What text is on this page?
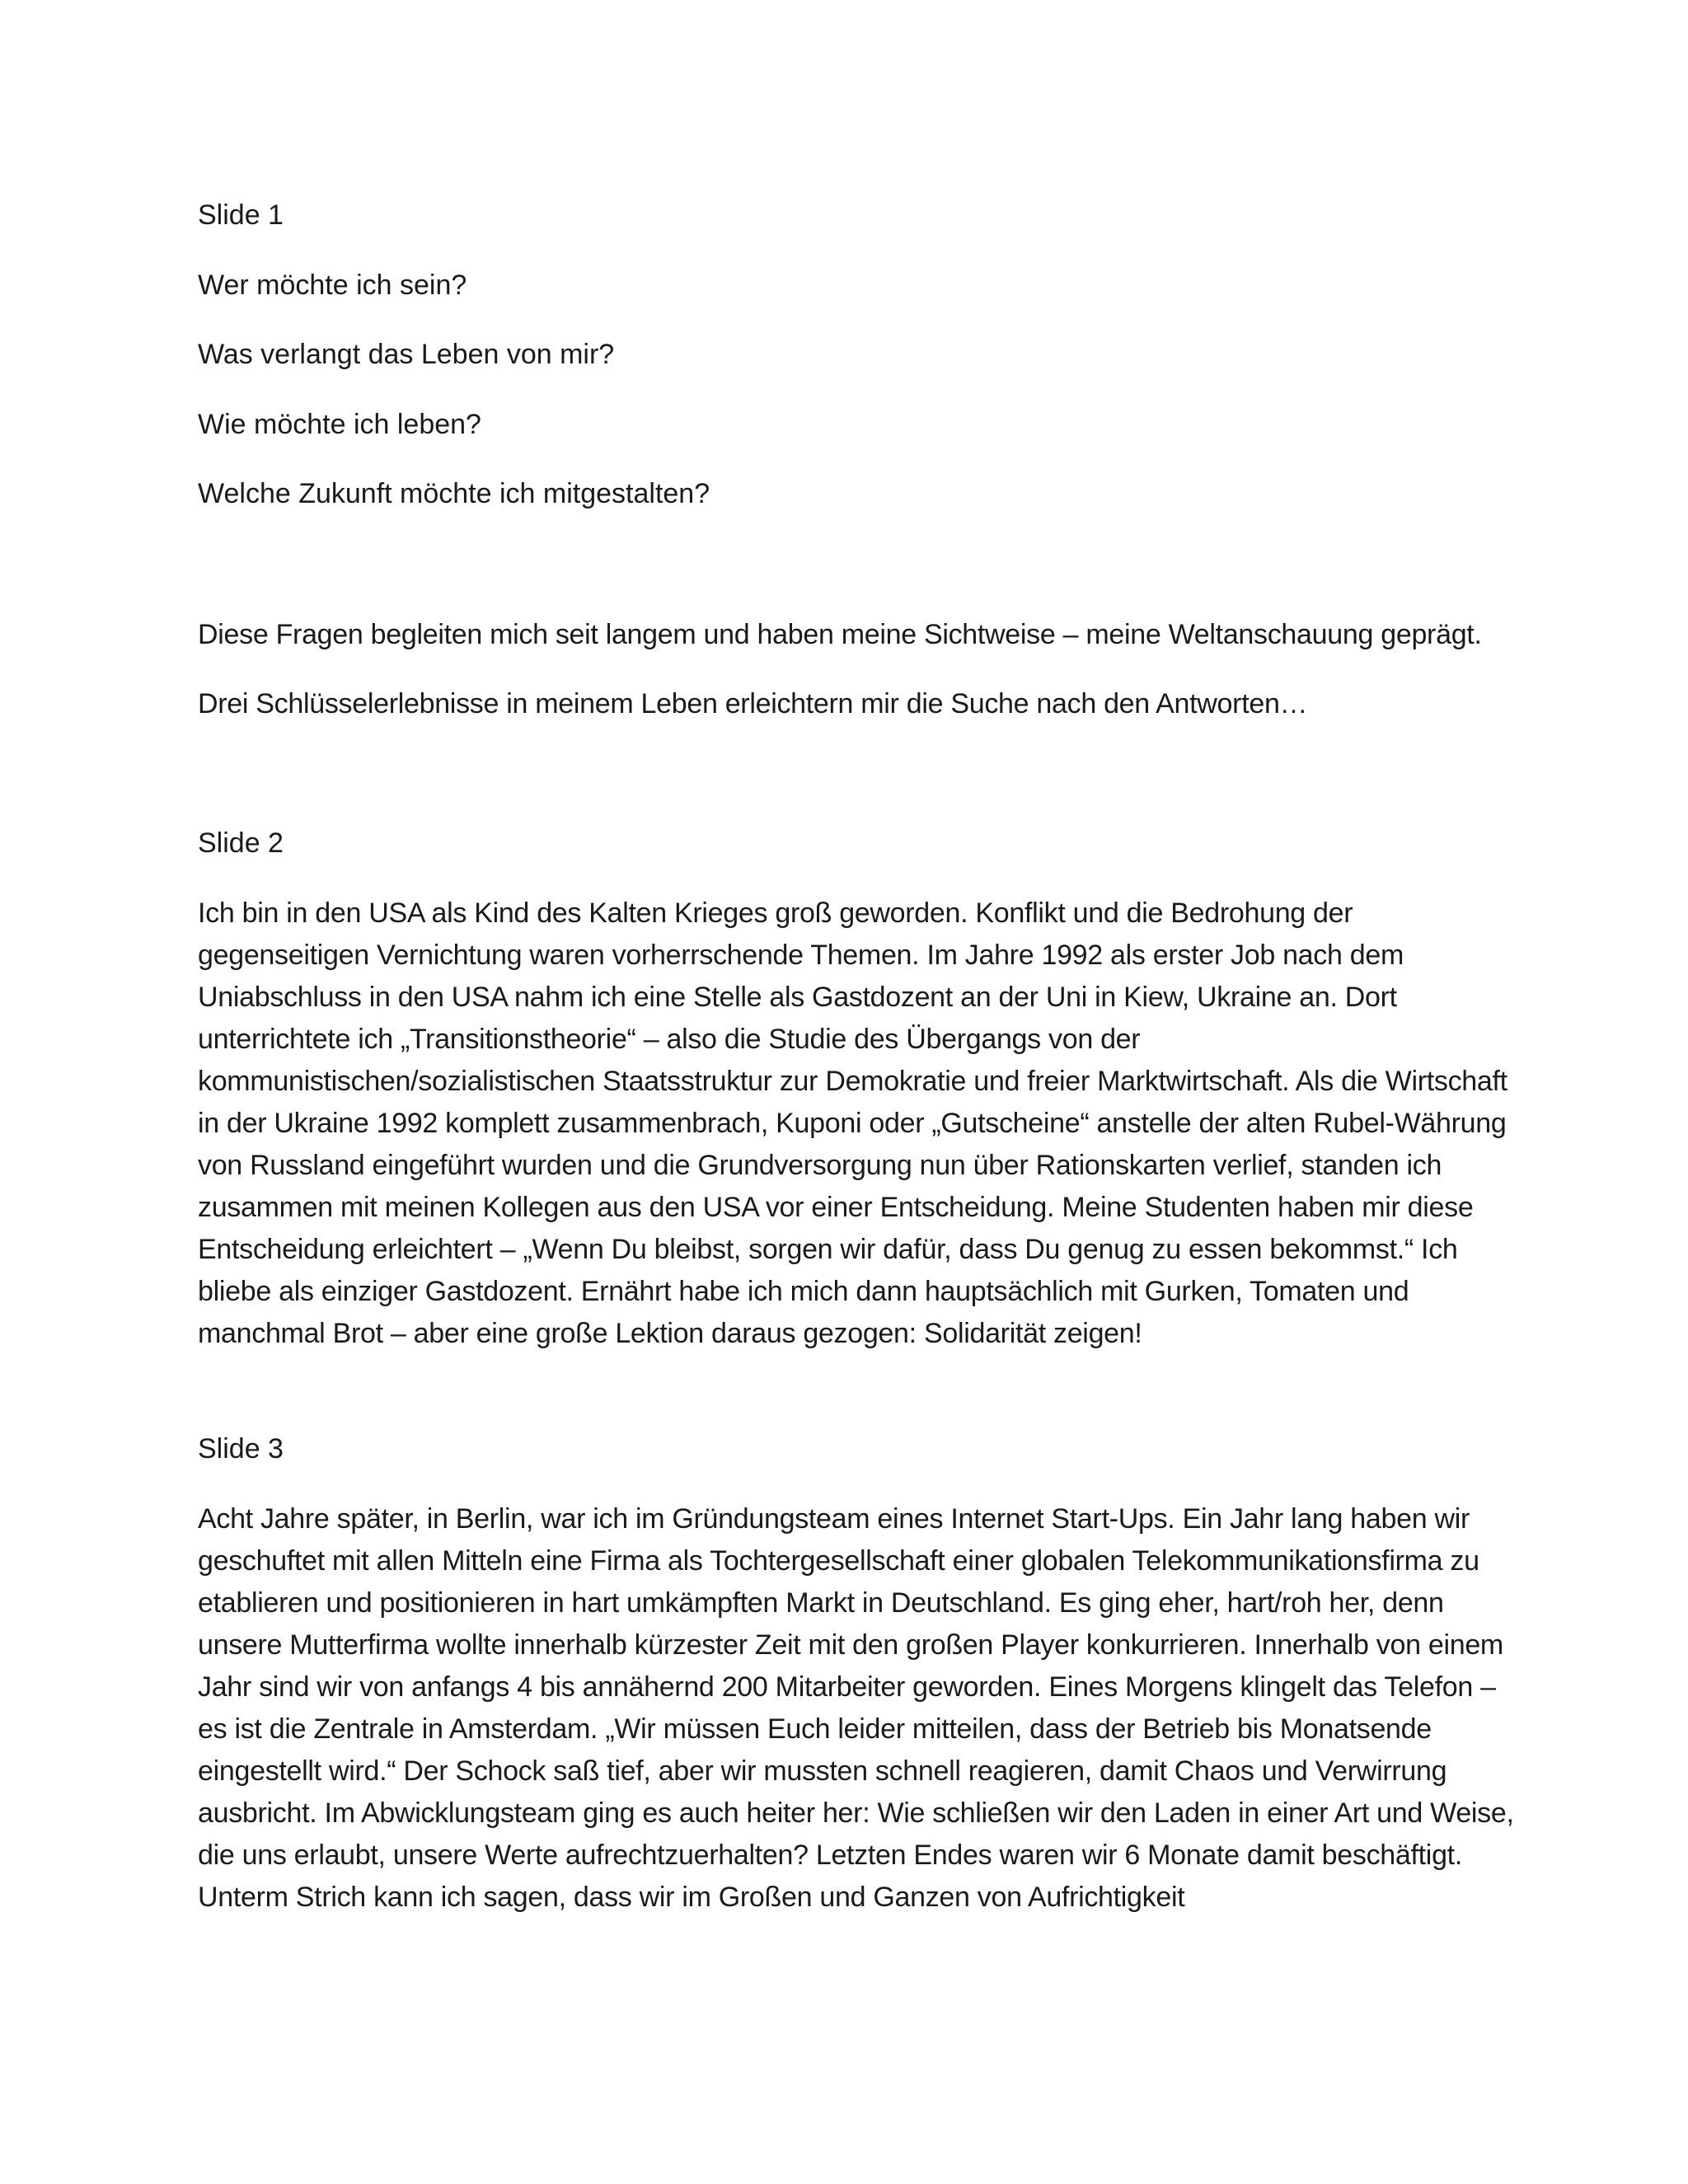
Slide 1

Wer möchte ich sein?

Was verlangt das Leben von mir?

Wie möchte ich leben?

Welche Zukunft möchte ich mitgestalten?

Diese Fragen begleiten mich seit langem und haben meine Sichtweise – meine Weltanschauung geprägt.

Drei Schlüsselerlebnisse in meinem Leben erleichtern mir die Suche nach den Antworten…

Slide 2

Ich bin in den USA als Kind des Kalten Krieges groß geworden. Konflikt und die Bedrohung der gegenseitigen Vernichtung waren vorherrschende Themen. Im Jahre 1992 als erster Job nach dem Uniabschluss in den USA nahm ich eine Stelle als Gastdozent an der Uni in Kiew, Ukraine an. Dort unterrichtete ich „Transitionstheorie“ – also die Studie des Übergangs von der kommunistischen/sozialistischen Staatsstruktur zur Demokratie und freier Marktwirtschaft. Als die Wirtschaft in der Ukraine 1992 komplett zusammenbrach, Kuponi oder „Gutscheine“ anstelle der alten Rubel-Währung von Russland eingeführt wurden und die Grundversorgung nun über Rationskarten verlief, standen ich zusammen mit meinen Kollegen aus den USA vor einer Entscheidung. Meine Studenten haben mir diese Entscheidung erleichtert – „Wenn Du bleibst, sorgen wir dafür, dass Du genug zu essen bekommst.“ Ich bliebe als einziger Gastdozent. Ernährt habe ich mich dann hauptsächlich mit Gurken, Tomaten und manchmal Brot – aber eine große Lektion daraus gezogen: Solidarität zeigen!

Slide 3

Acht Jahre später, in Berlin, war ich im Gründungsteam eines Internet Start-Ups. Ein Jahr lang haben wir geschuftet mit allen Mitteln eine Firma als Tochtergesellschaft einer globalen Telekommunikationsfirma zu etablieren und positionieren in hart umkämpften Markt in Deutschland. Es ging eher, hart/roh her, denn unsere Mutterfirma wollte innerhalb kürzester Zeit mit den großen Player konkurrieren. Innerhalb von einem Jahr sind wir von anfangs 4 bis annähernd 200 Mitarbeiter geworden. Eines Morgens klingelt das Telefon – es ist die Zentrale in Amsterdam. „Wir müssen Euch leider mitteilen, dass der Betrieb bis Monatsende eingestellt wird.“ Der Schock saß tief, aber wir mussten schnell reagieren, damit Chaos und Verwirrung ausbricht. Im Abwicklungsteam ging es auch heiter her: Wie schließen wir den Laden in einer Art und Weise, die uns erlaubt, unsere Werte aufrechtzuerhalten? Letzten Endes waren wir 6 Monate damit beschäftigt. Unterm Strich kann ich sagen, dass wir im Großen und Ganzen von Aufrichtigkeit
